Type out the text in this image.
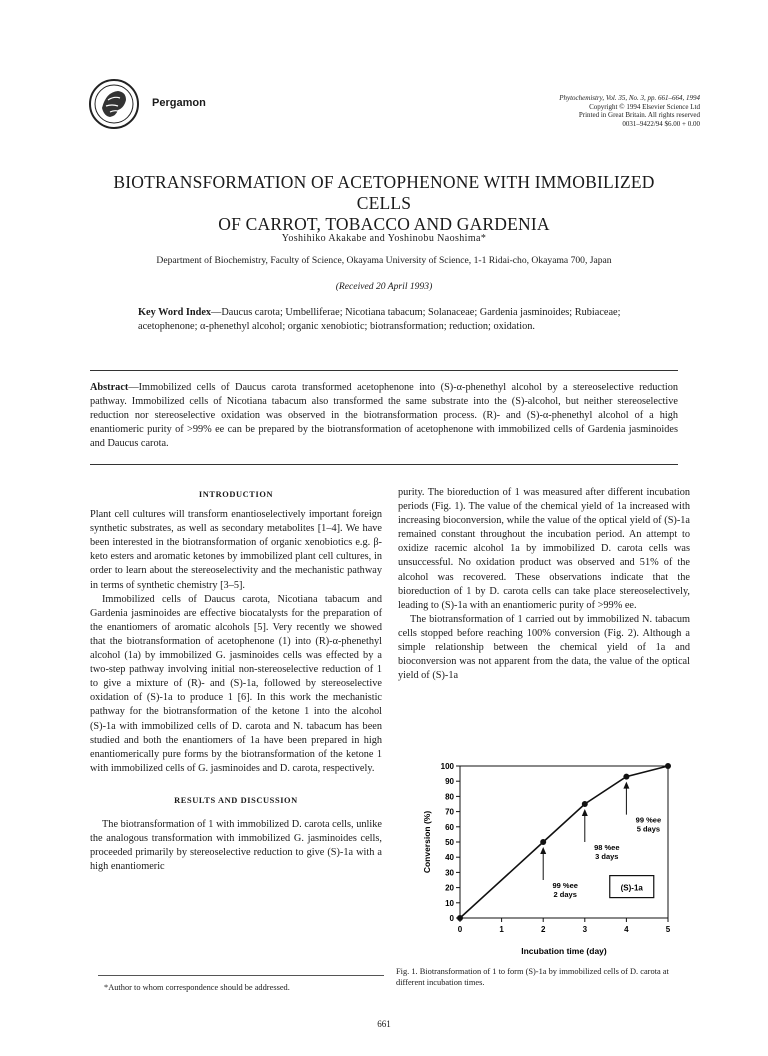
Pergamon	Phytochemistry, Vol. 35, No. 3, pp. 661–664, 1994
Copyright © 1994 Elsevier Science Ltd
Printed in Great Britain. All rights reserved
0031–9422/94 $6.00 + 0.00
BIOTRANSFORMATION OF ACETOPHENONE WITH IMMOBILIZED CELLS
OF CARROT, TOBACCO AND GARDENIA
Yoshihiko Akakabe and Yoshinobu Naoshima*
Department of Biochemistry, Faculty of Science, Okayama University of Science, 1-1 Ridai-cho, Okayama 700, Japan
(Received 20 April 1993)
Key Word Index—Daucus carota; Umbelliferae; Nicotiana tabacum; Solanaceae; Gardenia jasminoides; Rubiaceae; acetophenone; α-phenethyl alcohol; organic xenobiotic; biotransformation; reduction; oxidation.
Abstract—Immobilized cells of Daucus carota transformed acetophenone into (S)-α-phenethyl alcohol by a stereoselective reduction pathway. Immobilized cells of Nicotiana tabacum also transformed the same substrate into the (S)-alcohol, but neither stereoselective reduction nor stereoselective oxidation was observed in the biotransformation process. (R)- and (S)-α-phenethyl alcohol of a high enantiomeric purity of >99% ee can be prepared by the biotransformation of acetophenone with immobilized cells of Gardenia jasminoides and Daucus carota.

INTRODUCTION

Plant cell cultures will transform enantioselectively important foreign synthetic substrates, as well as secondary metabolites [1–4]. We have been interested in the biotransformation of organic xenobiotics e.g. β-keto esters and aromatic ketones by immobilized plant cell cultures, in order to learn about the stereoselectivity and the mechanistic pathway in terms of synthetic chemistry [3–5].

Immobilized cells of Daucus carota, Nicotiana tabacum and Gardenia jasminoides are effective biocatalysts for the preparation of the enantiomers of aromatic alcohols [5]. Very recently we showed that the biotransformation of acetophenone (1) into (R)-α-phenethyl alcohol (1a) by immobilized G. jasminoides cells was effected by a two-step pathway involving initial non-stereoselective reduction of 1 to give a mixture of (R)- and (S)-1a, followed by stereoselective oxidation of (S)-1a to produce 1 [6]. In this work the mechanistic pathway for the biotransformation of the ketone 1 into the alcohol (S)-1a with immobilized cells of D. carota and N. tabacum has been studied and both the enantiomers of 1a have been prepared in high enantiomerically pure forms by the biotransformation of the ketone 1 with immobilized cells of G. jasminoides and D. carota, respectively.

RESULTS AND DISCUSSION

The biotransformation of 1 with immobilized D. carota cells, unlike the analogous transformation with immobilized G. jasminoides cells, proceeded primarily by stereoselective reduction to give (S)-1a with a high enantiomeric

purity. The bioreduction of 1 was measured after different incubation periods (Fig. 1). The value of the chemical yield of 1a increased with increasing bioconversion, while the value of the optical yield of (S)-1a remained constant throughout the incubation period. An attempt to oxidize racemic alcohol 1a by immobilized D. carota cells was unsuccessful. No oxidation product was observed and 51% of the alcohol was recovered. These observations indicate that the bioreduction of 1 by D. carota cells can take place stereoselectively, leading to (S)-1a with an enantiomeric purity of >99% ee.

The biotransformation of 1 carried out by immobilized N. tabacum cells stopped before reaching 100% conversion (Fig. 2). Although a simple relationship between the chemical yield of 1a and bioconversion was not apparent from the data, the value of the optical yield of (S)-1a

0
10
20
30
40
50
60
70
80
90
100
0	1	2	3	4	5
Incubation time (day)
Conversion (%)
99 %ee
2 days
98 %ee
3 days
99 %ee
5 days
(S)-1a
Fig. 1. Biotransformation of 1 to form (S)-1a by immobilized cells of D. carota at different incubation times.
*Author to whom correspondence should be addressed.
661
